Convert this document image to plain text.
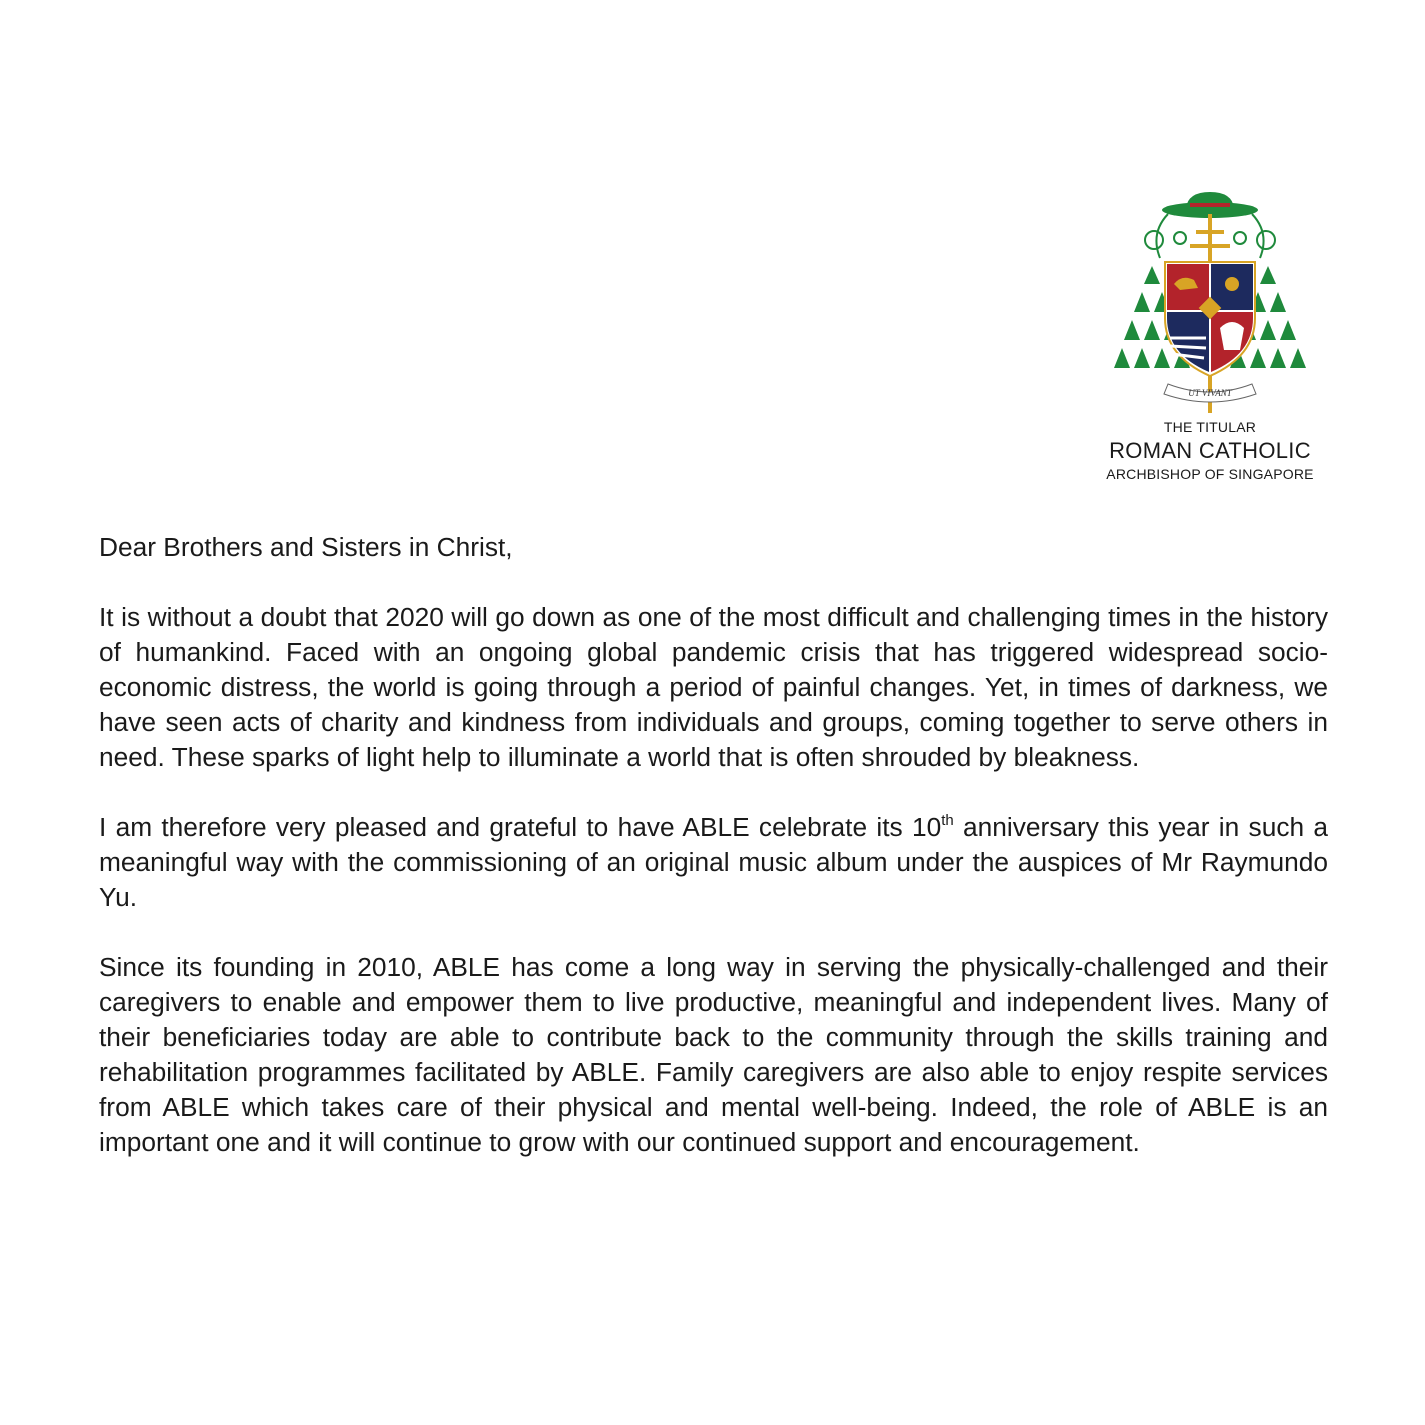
UT VIVANT
THE TITULAR
ROMAN CATHOLIC
ARCHBISHOP OF SINGAPORE

Dear Brothers and Sisters in Christ,

It is without a doubt that 2020 will go down as one of the most difficult and challenging times in the history of humankind. Faced with an ongoing global pandemic crisis that has triggered widespread socio-economic distress, the world is going through a period of painful changes. Yet, in times of darkness, we have seen acts of charity and kindness from individuals and groups, coming together to serve others in need. These sparks of light help to illuminate a world that is often shrouded by bleakness.

I am therefore very pleased and grateful to have ABLE celebrate its 10th anniversary this year in such a meaningful way with the commissioning of an original music album under the auspices of Mr Raymundo Yu.

Since its founding in 2010, ABLE has come a long way in serving the physically-challenged and their caregivers to enable and empower them to live productive, meaningful and independent lives. Many of their beneficiaries today are able to contribute back to the community through the skills training and rehabilitation programmes facilitated by ABLE. Family caregivers are also able to enjoy respite services from ABLE which takes care of their physical and mental well-being. Indeed, the role of ABLE is an important one and it will continue to grow with our continued support and encouragement.
